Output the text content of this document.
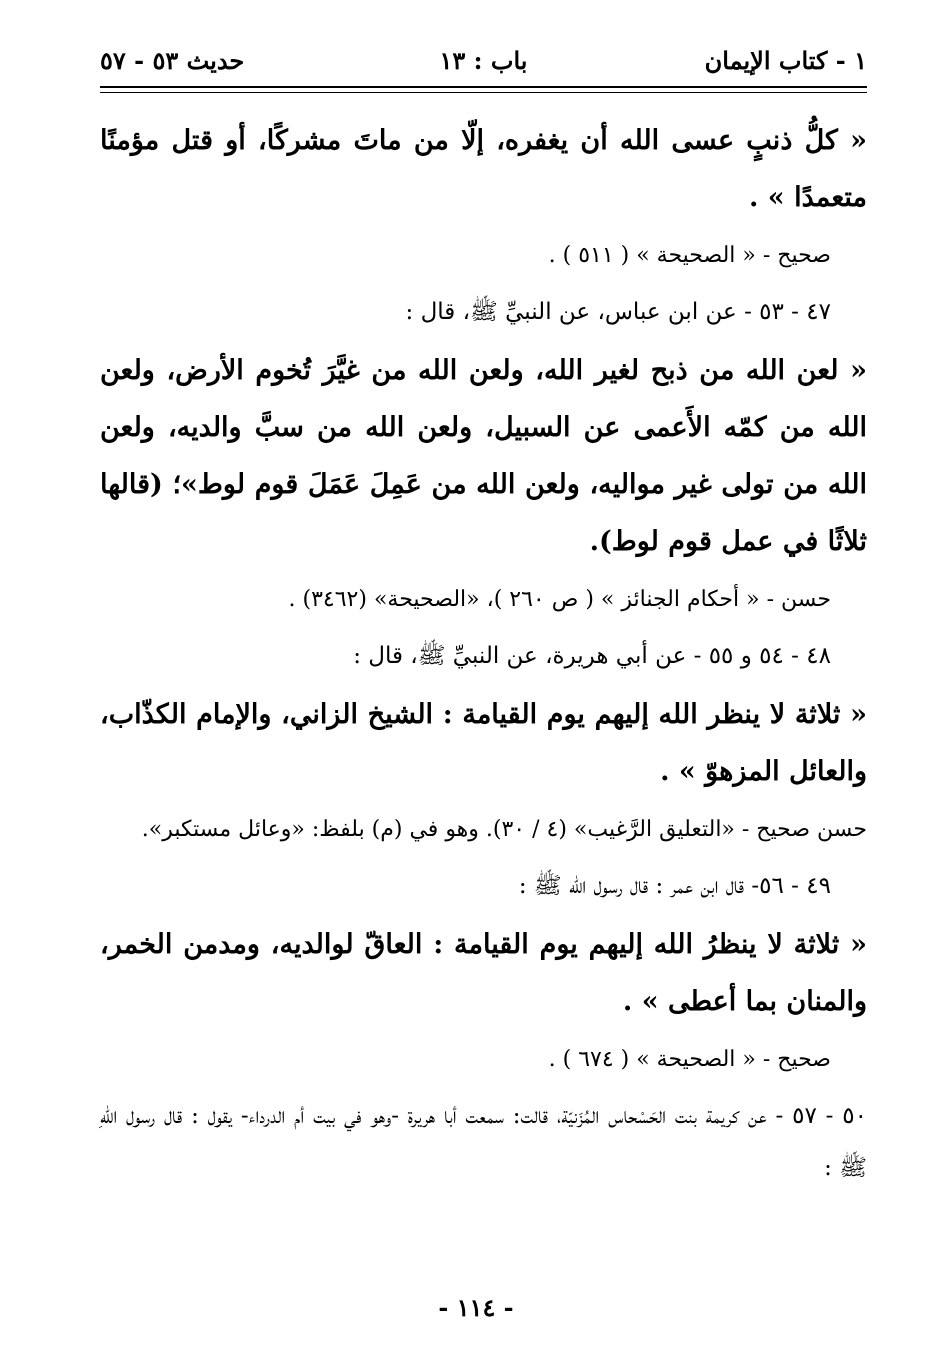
١ - كتاب الإيمان
باب : ١٣
حديث ٥٣ - ٥٧

« كلُّ ذنبٍ عسى الله أن يغفره، إلّا من ماتَ مشركًا، أو قتل مؤمنًا متعمدًا » .

صحيح - « الصحيحة » ( ٥١١ ) .

٤٧ - ٥٣ - عن ابن عباس، عن النبيِّ ﷺ، قال :

« لعن الله من ذبح لغير الله، ولعن الله من غيَّرَ تُخوم الأرض، ولعن الله من كمّه الأَعمى عن السبيل، ولعن الله من سبَّ والديه، ولعن الله من تولى غير مواليه، ولعن الله من عَمِلَ عَمَلَ قوم لوط»؛ (قالها ثلاثًا في عمل قوم لوط).

حسن - « أحكام الجنائز » ( ص ٢٦٠ )، «الصحيحة» (٣٤٦٢) .

٤٨ - ٥٤ و ٥٥ - عن أبي هريرة، عن النبيِّ ﷺ، قال :

« ثلاثة لا ينظر الله إليهم يوم القيامة : الشيخ الزاني، والإمام الكذّاب، والعائل المزهوّ » .

حسن صحيح - «التعليق الرَّغيب» (٤ / ٣٠). وهو في (م) بلفظ: «وعائل مستكبر».

٤٩ - ٥٦- قال ابن عمر : قال رسول الله ﷺ :

« ثلاثة لا ينظرُ الله إليهم يوم القيامة : العاقّ لوالديه، ومدمن الخمر، والمنان بما أعطى » .

صحيح - « الصحيحة » ( ٦٧٤ ) .

٥٠ - ٥٧ - عن كريمة بنت الحَسْحاس المُزَنيّة، قالت: سمعت أبا هريرة -وهو في بيت أم الدرداء- يقول : قال رسول اللهِ ﷺ :

- ١١٤ -
